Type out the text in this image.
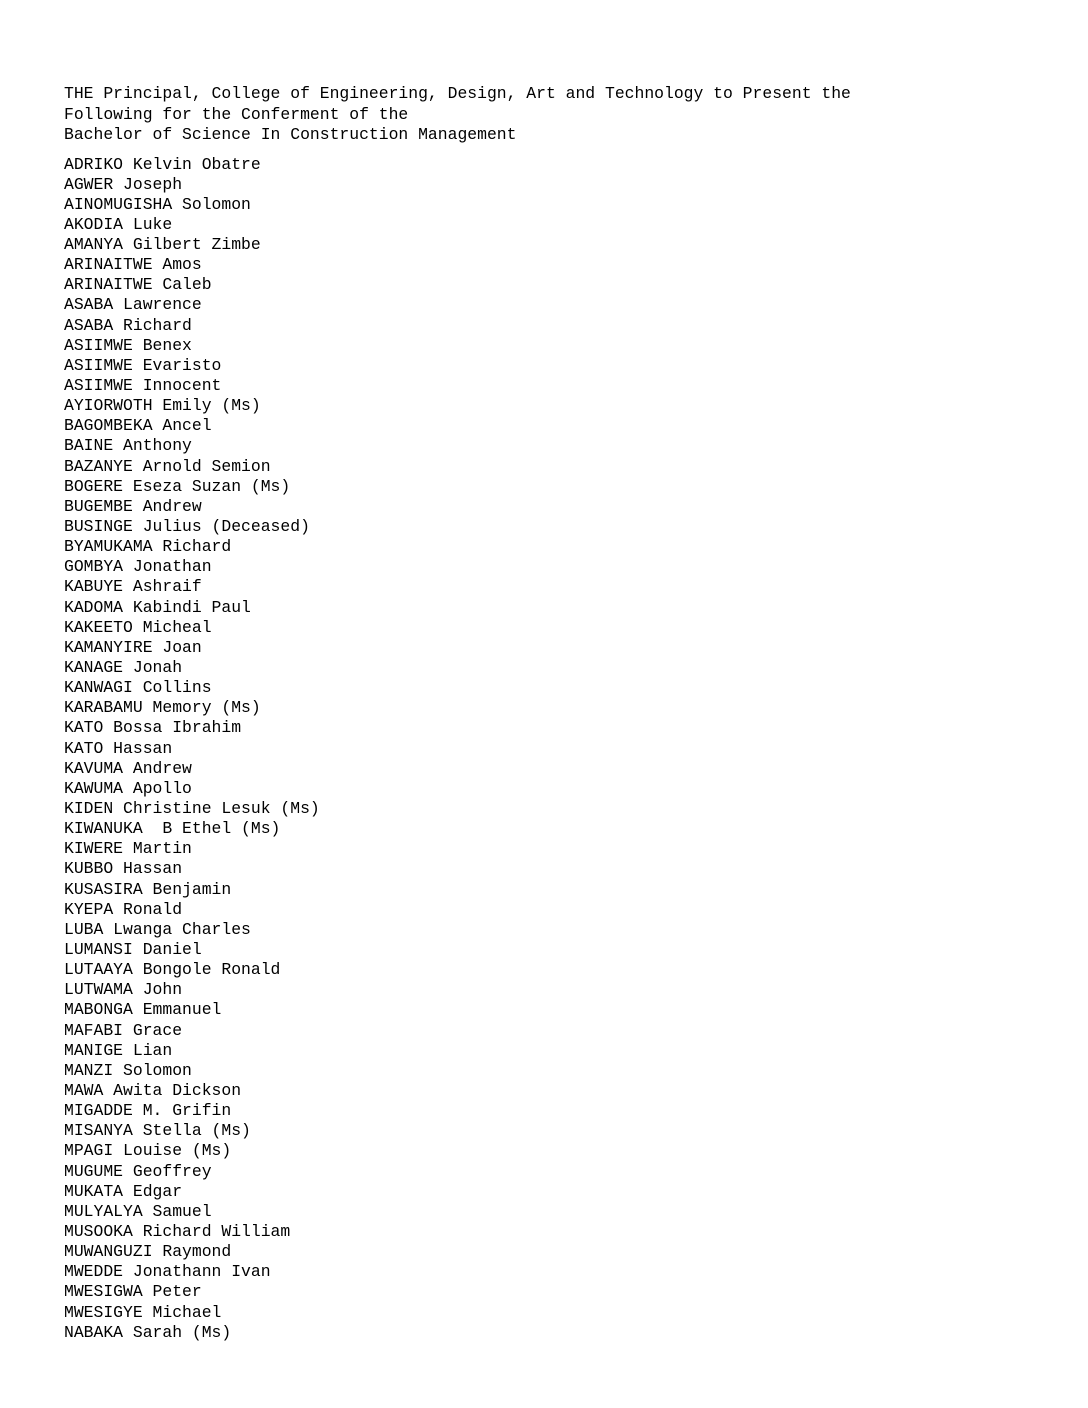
THE Principal, College of Engineering, Design, Art and Technology to Present the
Following for the Conferment of the
Bachelor of Science In Construction Management
ADRIKO Kelvin Obatre
AGWER Joseph
AINOMUGISHA Solomon
AKODIA Luke
AMANYA Gilbert Zimbe
ARINAITWE Amos
ARINAITWE Caleb
ASABA Lawrence
ASABA Richard
ASIIMWE Benex
ASIIMWE Evaristo
ASIIMWE Innocent
AYIORWOTH Emily (Ms)
BAGOMBEKA Ancel
BAINE Anthony
BAZANYE Arnold Semion
BOGERE Eseza Suzan (Ms)
BUGEMBE Andrew
BUSINGE Julius (Deceased)
BYAMUKAMA Richard
GOMBYA Jonathan
KABUYE Ashraif
KADOMA Kabindi Paul
KAKEETO Micheal
KAMANYIRE Joan
KANAGE Jonah
KANWAGI Collins
KARABAMU Memory (Ms)
KATO Bossa Ibrahim
KATO Hassan
KAVUMA Andrew
KAWUMA Apollo
KIDEN Christine Lesuk (Ms)
KIWANUKA  B Ethel (Ms)
KIWERE Martin
KUBBO Hassan
KUSASIRA Benjamin
KYEPA Ronald
LUBA Lwanga Charles
LUMANSI Daniel
LUTAAYA Bongole Ronald
LUTWAMA John
MABONGA Emmanuel
MAFABI Grace
MANIGE Lian
MANZI Solomon
MAWA Awita Dickson
MIGADDE M. Grifin
MISANYA Stella (Ms)
MPAGI Louise (Ms)
MUGUME Geoffrey
MUKATA Edgar
MULYALYA Samuel
MUSOOKA Richard William
MUWANGUZI Raymond
MWEDDE Jonathann Ivan
MWESIGWA Peter
MWESIGYE Michael
NABAKA Sarah (Ms)
